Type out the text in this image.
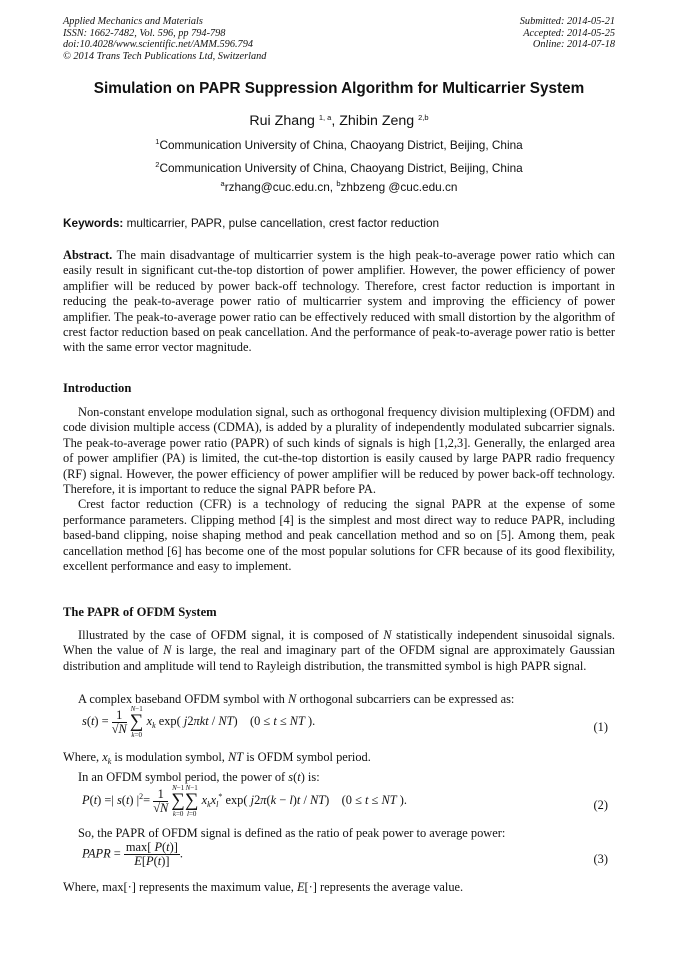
Applied Mechanics and Materials
ISSN: 1662-7482, Vol. 596, pp 794-798
doi:10.4028/www.scientific.net/AMM.596.794
© 2014 Trans Tech Publications Ltd, Switzerland
Submitted: 2014-05-21
Accepted: 2014-05-25
Online: 2014-07-18
Simulation on PAPR Suppression Algorithm for Multicarrier System
Rui Zhang $^{1, a}$, Zhibin Zeng $^{2,b}$
$^1$Communication University of China, Chaoyang District, Beijing, China
$^2$Communication University of China, Chaoyang District, Beijing, China
$^a$rzhang@cuc.edu.cn, $^b$zhbzeng @cuc.edu.cn
Keywords: multicarrier, PAPR, pulse cancellation, crest factor reduction
Abstract. The main disadvantage of multicarrier system is the high peak-to-average power ratio which can easily result in significant cut-the-top distortion of power amplifier. However, the power efficiency of power amplifier will be reduced by power back-off technology. Therefore, crest factor reduction is important in reducing the peak-to-average power ratio of multicarrier system and improving the efficiency of power amplifier. The peak-to-average power ratio can be effectively reduced with small distortion by the algorithm of crest factor reduction based on peak cancellation. And the performance of peak-to-average power ratio is better with the same error vector magnitude.
Introduction

Non-constant envelope modulation signal, such as orthogonal frequency division multiplexing (OFDM) and code division multiple access (CDMA), is added by a plurality of independently modulated subcarrier signals. The peak-to-average power ratio (PAPR) of such kinds of signals is high [1,2,3]. Generally, the enlarged area of power amplifier (PA) is limited, the cut-the-top distortion is easily caused by large PAPR radio frequency (RF) signal. However, the power efficiency of power amplifier will be reduced by power back-off technology. Therefore, it is important to reduce the signal PAPR before PA.

Crest factor reduction (CFR) is a technology of reducing the signal PAPR at the expense of some performance parameters. Clipping method [4] is the simplest and most direct way to reduce PAPR, including based-band clipping, noise shaping method and peak cancellation method and so on [5]. Among them, peak cancellation method [6] has become one of the most popular solutions for CFR because of its good flexibility, excellent performance and easy to implement.

The PAPR of OFDM System

Illustrated by the case of OFDM signal, it is composed of N statistically independent sinusoidal signals. When the value of N is large, the real and imaginary part of the OFDM signal are approximately Gaussian distribution and amplitude will tend to Rayleigh distribution, the transmitted symbol is high PAPR signal.

A complex baseband OFDM symbol with N orthogonal subcarriers can be expressed as:
$s(t) = \frac{1}{√N}$
N−1
∑
k=0
$x_k$ exp( j2πkt / NT)    (0 ≤ t ≤ NT ).	(1)
Where, $x_k$ is modulation symbol, NT is OFDM symbol period.
In an OFDM symbol period, the power of s(t) is:
P(t) =| s(t) $|^2= \frac{1}{√N}$
N−1
∑
k=0
N−1
∑
l=0
$x_kx_l^*$ exp( j2π(k − l)t / NT)    (0 ≤ t ≤ NT ).	(2)
So, the PAPR of OFDM signal is defined as the ratio of peak power to average power:
PAPR = $\frac{\max[ P(t)]}{E[P(t)]}$ .	(3)
Where, max[·] represents the maximum value, E[·] represents the average value.
